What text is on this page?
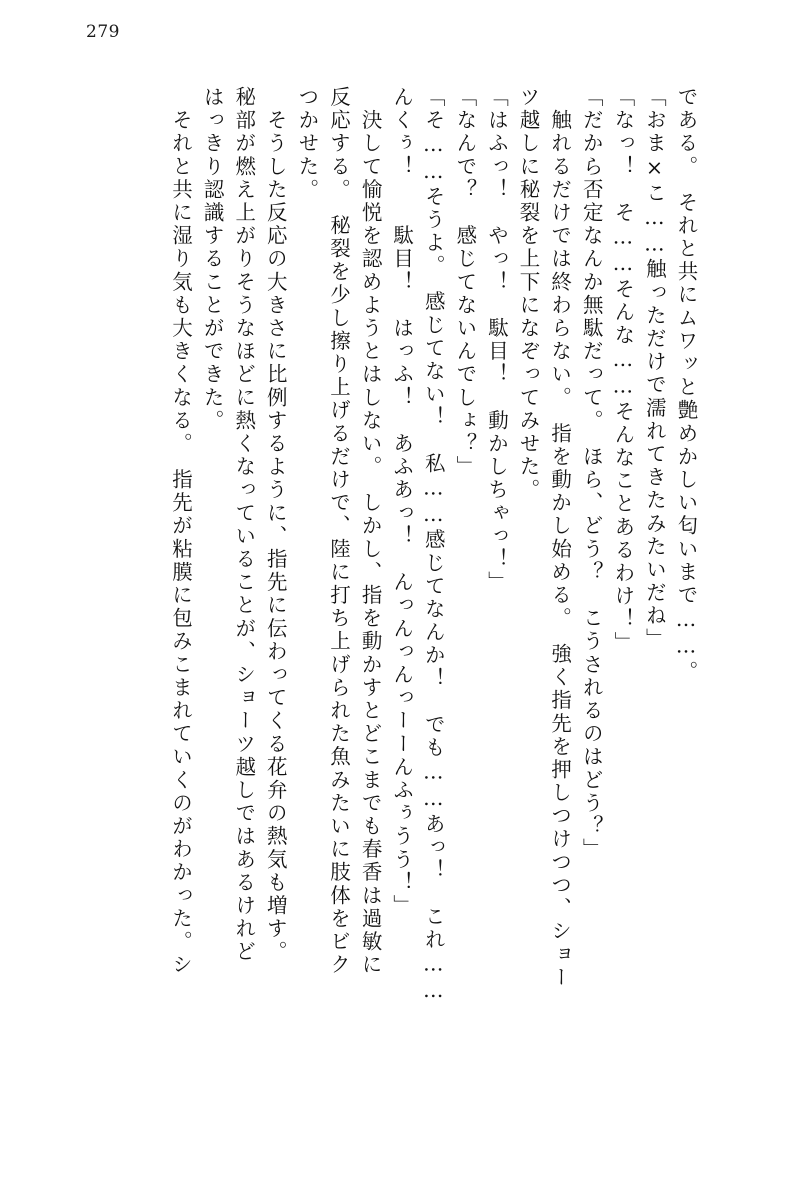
279
である。　それと共にムワッと艶めかしい匂いまで……。
「おま×こ……触っただけで濡れてきたみたいだね」
「なっ！　そ……そんな……そんなことあるわけ！」
「だから否定なんか無駄だって。　ほら、どう？　こうされるのはどう？」
　触れるだけでは終わらない。　指を動かし始める。　強く指先を押しつけつつ、ショー
ツ越しに秘裂を上下になぞってみせた。
「はふっ！　やっ！　駄目！　動かしちゃっ！」
「なんで？　感じてないんでしょ？」
「そ……そうよ。　感じてない！　私……感じてなんか！　でも……あっ！　これ……
んくぅ！　　駄目！　はっふ！　あふあっ！　んっんっんっーーんふぅうう！」
　決して愉悦を認めようとはしない。　しかし、指を動かすとどこまでも春香は過敏に
反応する。　秘裂を少し擦り上げるだけで、陸に打ち上げられた魚みたいに肢体をビク
つかせた。
　そうした反応の大きさに比例するように、指先に伝わってくる花弁の熱気も増す。
秘部が燃え上がりそうなほどに熱くなっていることが、ショーツ越しではあるけれど
はっきり認識することができた。
　それと共に湿り気も大きくなる。　指先が粘膜に包みこまれていくのがわかった。シ
